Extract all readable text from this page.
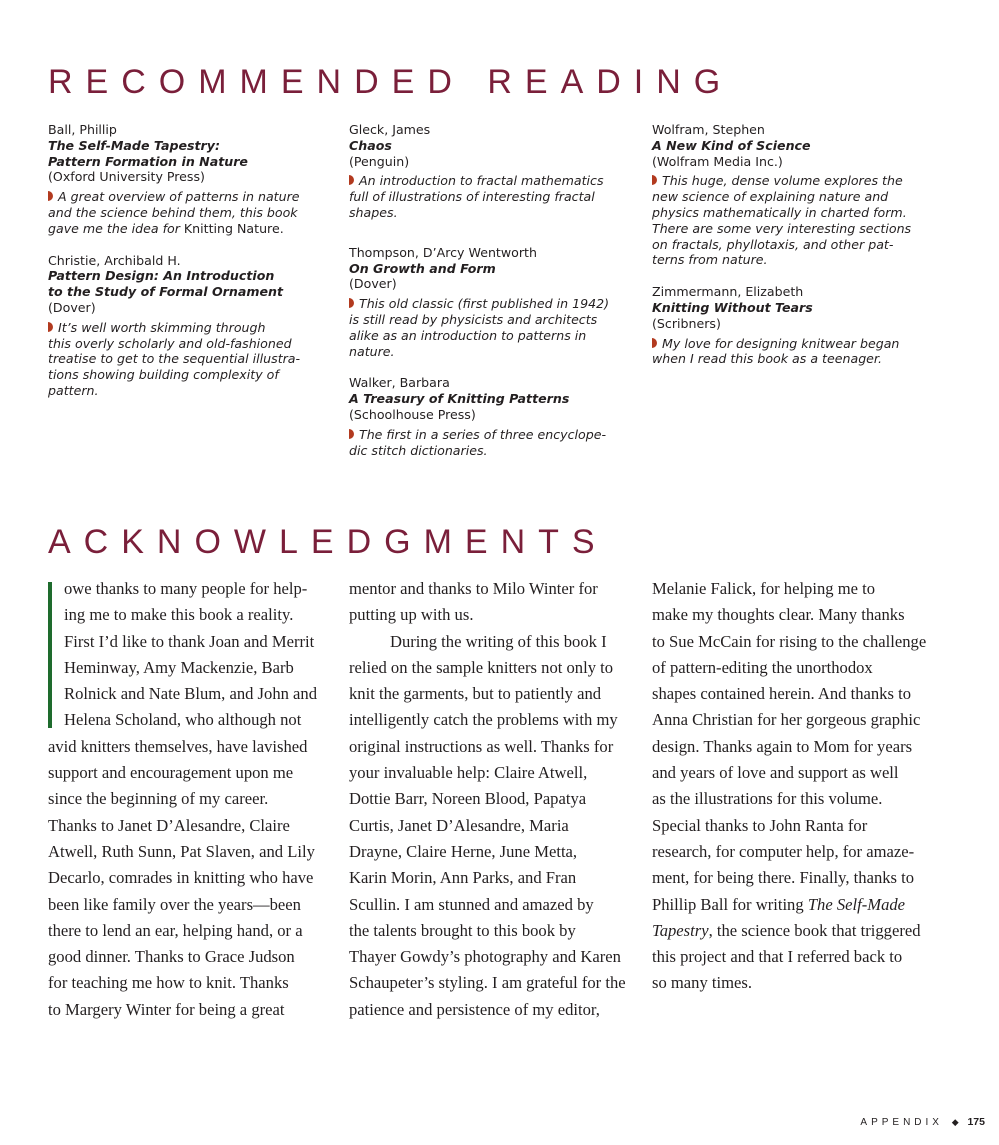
RECOMMENDED READING
Ball, Phillip
The Self-Made Tapestry:
Pattern Formation in Nature
(Oxford University Press)
A great overview of patterns in nature
and the science behind them, this book
gave me the idea for Knitting Nature.
Christie, Archibald H.
Pattern Design: An Introduction
to the Study of Formal Ornament
(Dover)
It’s well worth skimming through
this overly scholarly and old-fashioned
treatise to get to the sequential illustra-
tions showing building complexity of
pattern.
Gleck, James
Chaos
(Penguin)
An introduction to fractal mathematics
full of illustrations of interesting fractal
shapes.
Thompson, D’Arcy Wentworth
On Growth and Form
(Dover)
This old classic (first published in 1942)
is still read by physicists and architects
alike as an introduction to patterns in
nature.
Walker, Barbara
A Treasury of Knitting Patterns
(Schoolhouse Press)
The first in a series of three encyclope-
dic stitch dictionaries.
Wolfram, Stephen
A New Kind of Science
(Wolfram Media Inc.)
This huge, dense volume explores the
new science of explaining nature and
physics mathematically in charted form.
There are some very interesting sections
on fractals, phyllotaxis, and other pat-
terns from nature.
Zimmermann, Elizabeth
Knitting Without Tears
(Scribners)
My love for designing knitwear began
when I read this book as a teenager.
ACKNOWLEDGMENTS
owe thanks to many people for help-
ing me to make this book a reality.
First I’d like to thank Joan and Merrit
Heminway, Amy Mackenzie, Barb
Rolnick and Nate Blum, and John and
Helena Scholand, who although not
avid knitters themselves, have lavished
support and encouragement upon me
since the beginning of my career.
Thanks to Janet D’Alesandre, Claire
Atwell, Ruth Sunn, Pat Slaven, and Lily
Decarlo, comrades in knitting who have
been like family over the years—been
there to lend an ear, helping hand, or a
good dinner. Thanks to Grace Judson
for teaching me how to knit. Thanks
to Margery Winter for being a great
mentor and thanks to Milo Winter for
putting up with us.
During the writing of this book I
relied on the sample knitters not only to
knit the garments, but to patiently and
intelligently catch the problems with my
original instructions as well. Thanks for
your invaluable help: Claire Atwell,
Dottie Barr, Noreen Blood, Papatya
Curtis, Janet D’Alesandre, Maria
Drayne, Claire Herne, June Metta,
Karin Morin, Ann Parks, and Fran
Scullin. I am stunned and amazed by
the talents brought to this book by
Thayer Gowdy’s photography and Karen
Schaupeter’s styling. I am grateful for the
patience and persistence of my editor,
Melanie Falick, for helping me to
make my thoughts clear. Many thanks
to Sue McCain for rising to the challenge
of pattern-editing the unorthodox
shapes contained herein. And thanks to
Anna Christian for her gorgeous graphic
design. Thanks again to Mom for years
and years of love and support as well
as the illustrations for this volume.
Special thanks to John Ranta for
research, for computer help, for amaze-
ment, for being there. Finally, thanks to
Phillip Ball for writing The Self-Made
Tapestry, the science book that triggered
this project and that I referred back to
so many times.
APPENDIX ◆ 175
